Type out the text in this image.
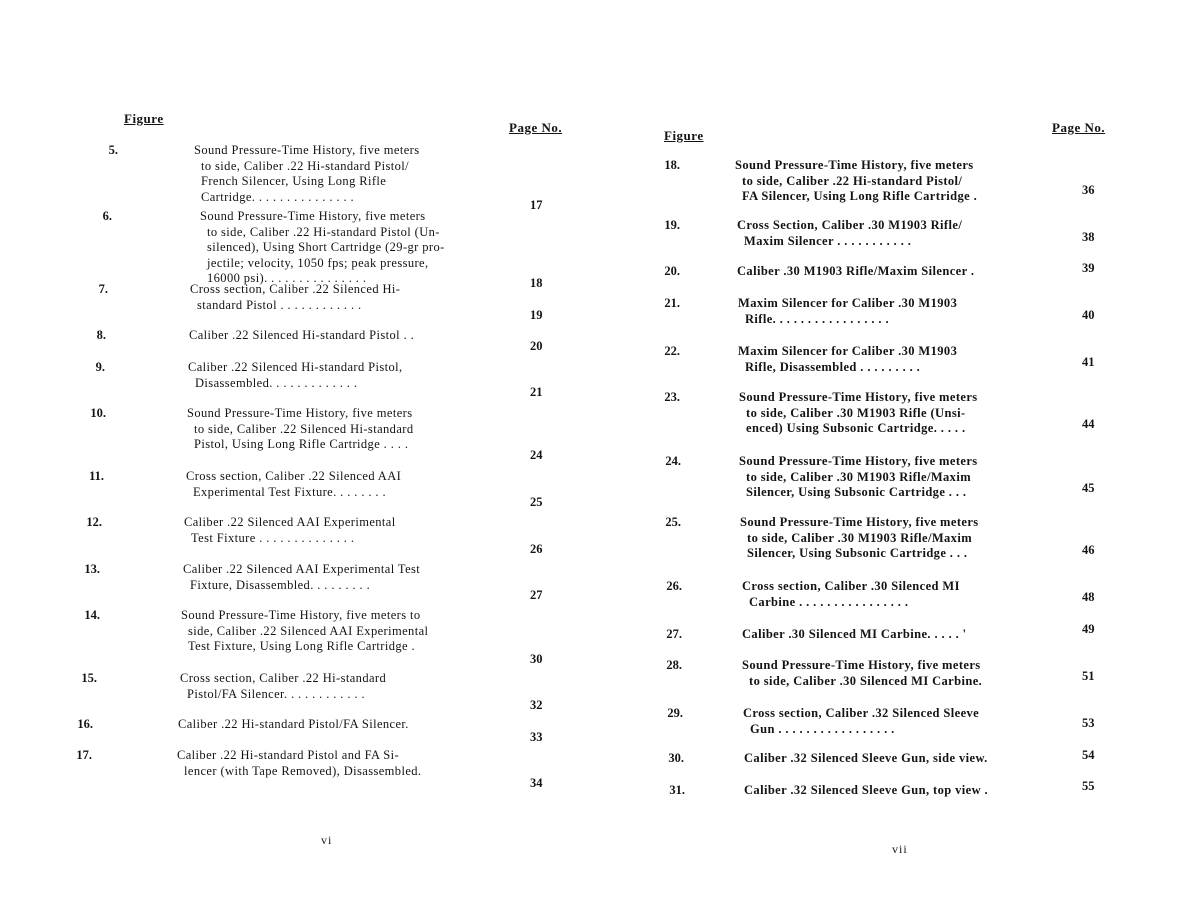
Figure
Page No.
5.	Sound Pressure-Time History, five meters
to side, Caliber .22 Hi-standard Pistol/
French Silencer, Using Long Rifle
Cartridge. . . . . . . . . . . . . . .
17
6.	Sound Pressure-Time History, five meters
to side, Caliber .22 Hi-standard Pistol (Un-
silenced), Using Short Cartridge (29-gr pro-
jectile; velocity, 1050 fps; peak pressure,
16000 psi). . . . . . . . . . . . . . .	18
7.	Cross section, Caliber .22 Silenced Hi-
standard Pistol . . . . . . . . . . . .
19
8.	Caliber .22 Silenced Hi-standard Pistol . .
20
9.	Caliber .22 Silenced Hi-standard Pistol,
Disassembled. . . . . . . . . . . . .
21
10.	Sound Pressure-Time History, five meters
to side, Caliber .22 Silenced Hi-standard
Pistol, Using Long Rifle Cartridge . . . .
24
11.	Cross section, Caliber .22 Silenced AAI
Experimental Test Fixture. . . . . . . .
25
12.	Caliber .22 Silenced AAI Experimental
Test Fixture . . . . . . . . . . . . . .
26
13.	Caliber .22 Silenced AAI Experimental Test
Fixture, Disassembled. . . . . . . . .
27
14.	Sound Pressure-Time History, five meters to
side, Caliber .22 Silenced AAI Experimental
Test Fixture, Using Long Rifle Cartridge .
30
15.	Cross section, Caliber .22 Hi-standard
Pistol/FA Silencer. . . . . . . . . . . .
32
16.	Caliber .22 Hi-standard Pistol/FA Silencer.
33
17.	Caliber .22 Hi-standard Pistol and FA Si-
lencer (with Tape Removed), Disassembled.
34
vi
Figure
Page No.
18.	Sound Pressure-Time History, five meters
to side, Caliber .22 Hi-standard Pistol/
FA Silencer, Using Long Rifle Cartridge .	36
19.	Cross Section, Caliber .30 M1903 Rifle/
Maxim Silencer . . . . . . . . . . .	38
20.	Caliber .30 M1903 Rifle/Maxim Silencer .	39
21.	Maxim Silencer for Caliber .30 M1903
Rifle. . . . . . . . . . . . . . . . .	40
22.	Maxim Silencer for Caliber .30 M1903
Rifle, Disassembled . . . . . . . . .	41
23.	Sound Pressure-Time History, five meters
to side, Caliber .30 M1903 Rifle (Unsi-
enced) Using Subsonic Cartridge. . . . .	44
24.	Sound Pressure-Time History, five meters
to side, Caliber .30 M1903 Rifle/Maxim
Silencer, Using Subsonic Cartridge . . .	45
25.	Sound Pressure-Time History, five meters
to side, Caliber .30 M1903 Rifle/Maxim
Silencer, Using Subsonic Cartridge . . .	46
26.	Cross section, Caliber .30 Silenced MI
Carbine . . . . . . . . . . . . . . . .	48
27.	Caliber .30 Silenced MI Carbine. . . . . '	49
28.	Sound Pressure-Time History, five meters
to side, Caliber .30 Silenced MI Carbine.	51
29.	Cross section, Caliber .32 Silenced Sleeve
Gun . . . . . . . . . . . . . . . . .	53
30.	Caliber .32 Silenced Sleeve Gun, side view.	54
31.	Caliber .32 Silenced Sleeve Gun, top view .	55
vii
